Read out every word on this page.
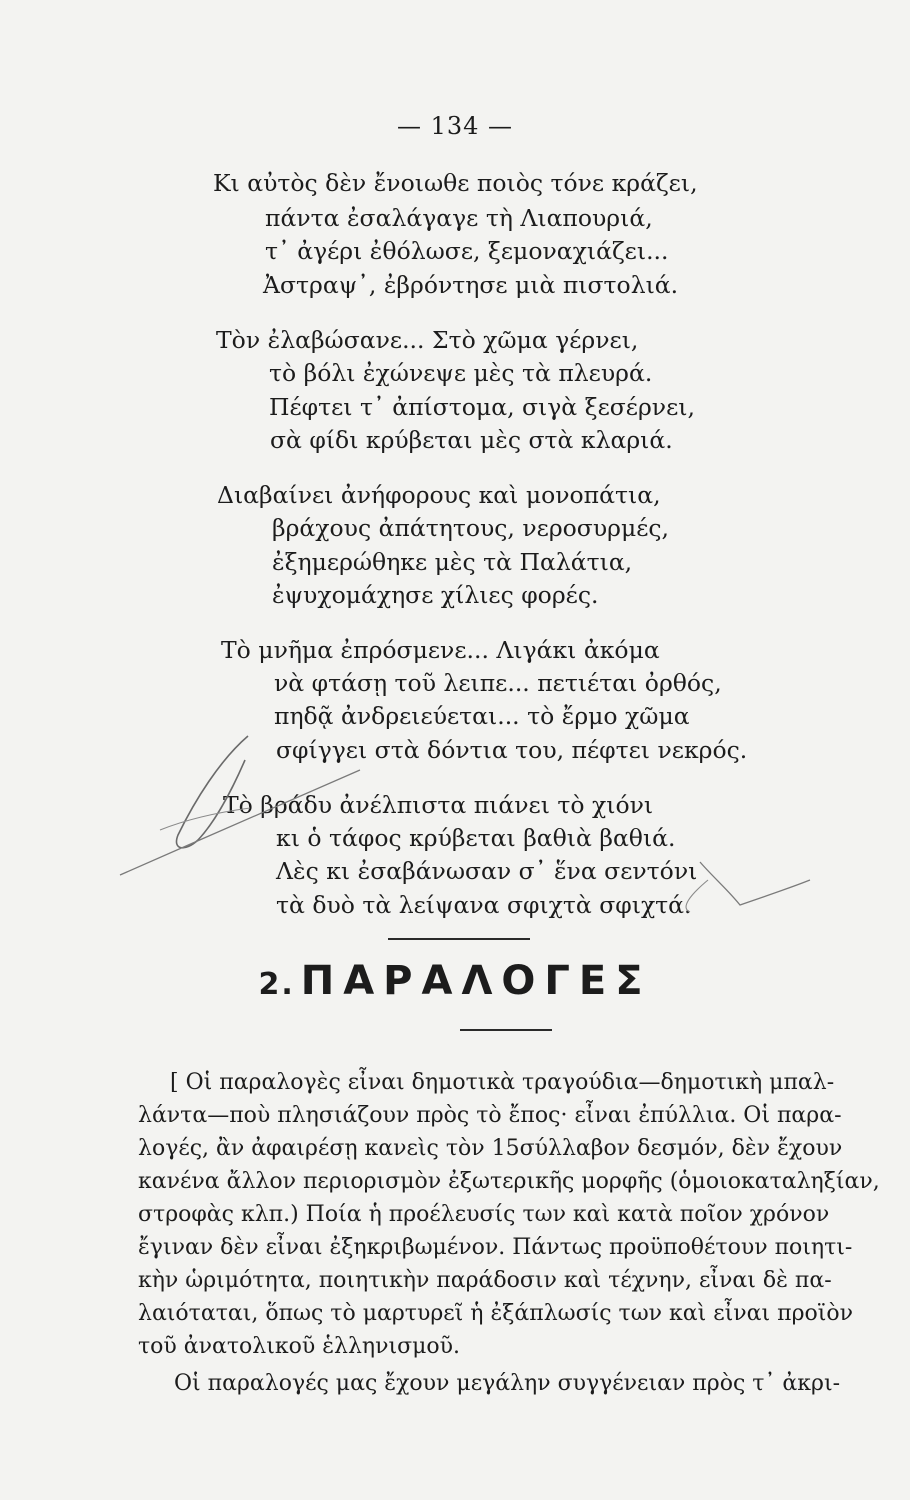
— 134 —
Κι αὐτὸς δὲν ἔνοιωθε ποιὸς τόνε κράζει,
πάντα ἐσαλάγαγε τὴ Λιαπουριά,
τ᾿ ἀγέρι ἐθόλωσε, ξεμοναχιάζει...
Ἀστραψ᾿, ἐβρόντησε μιὰ πιστολιά.
Τὸν ἐλαβώσανε... Στὸ χῶμα γέρνει,
τὸ βόλι ἐχώνεψε μὲς τὰ πλευρά.
Πέφτει τ᾿ ἀπίστομα, σιγὰ ξεσέρνει,
σὰ φίδι κρύβεται μὲς στὰ κλαριά.
Διαβαίνει ἀνήφορους καὶ μονοπάτια,
βράχους ἀπάτητους, νεροσυρμές,
ἐξημερώθηκε μὲς τὰ Παλάτια,
ἐψυχομάχησε χίλιες φορές.
Τὸ μνῆμα ἐπρόσμενε... Λιγάκι ἀκόμα
νὰ φτάσῃ τοῦ λειπε... πετιέται ὀρθός,
πηδᾷ ἀνδρειεύεται... τὸ ἔρμο χῶμα
σφίγγει στὰ δόντια του, πέφτει νεκρός.
Τὸ βράδυ ἀνέλπιστα πιάνει τὸ χιόνι
κι ὁ τάφος κρύβεται βαθιὰ βαθιά.
Λὲς κι ἐσαβάνωσαν σ᾿ ἕνα σεντόνι
τὰ δυὸ τὰ λείψανα σφιχτὰ σφιχτά.
2. ΠΑΡΑΛΟΓΕΣ
[ Οἱ παραλογὲς εἶναι δημοτικὰ τραγούδια—δημοτικὴ μπαλ-
λάντα—ποὺ πλησιάζουν πρὸς τὸ ἔπος· εἶναι ἐπύλλια. Οἱ παρα-
λογές, ἂν ἀφαιρέσῃ κανεὶς τὸν 15σύλλαβον δεσμόν, δὲν ἔχουν
κανένα ἄλλον περιορισμὸν ἐξωτερικῆς μορφῆς (ὁμοιοκαταληξίαν,
στροφὰς κλπ.) Ποία ἡ προέλευσίς των καὶ κατὰ ποῖον χρόνον
ἔγιναν δὲν εἶναι ἐξηκριβωμένον. Πάντως προϋποθέτουν ποιητι-
κὴν ὡριμότητα, ποιητικὴν παράδοσιν καὶ τέχνην, εἶναι δὲ πα-
λαιόταται, ὅπως τὸ μαρτυρεῖ ἡ ἐξάπλωσίς των καὶ εἶναι προϊὸν
τοῦ ἀνατολικοῦ ἑλληνισμοῦ.
Οἱ παραλογές μας ἔχουν μεγάλην συγγένειαν πρὸς τ᾿ ἀκρι-
